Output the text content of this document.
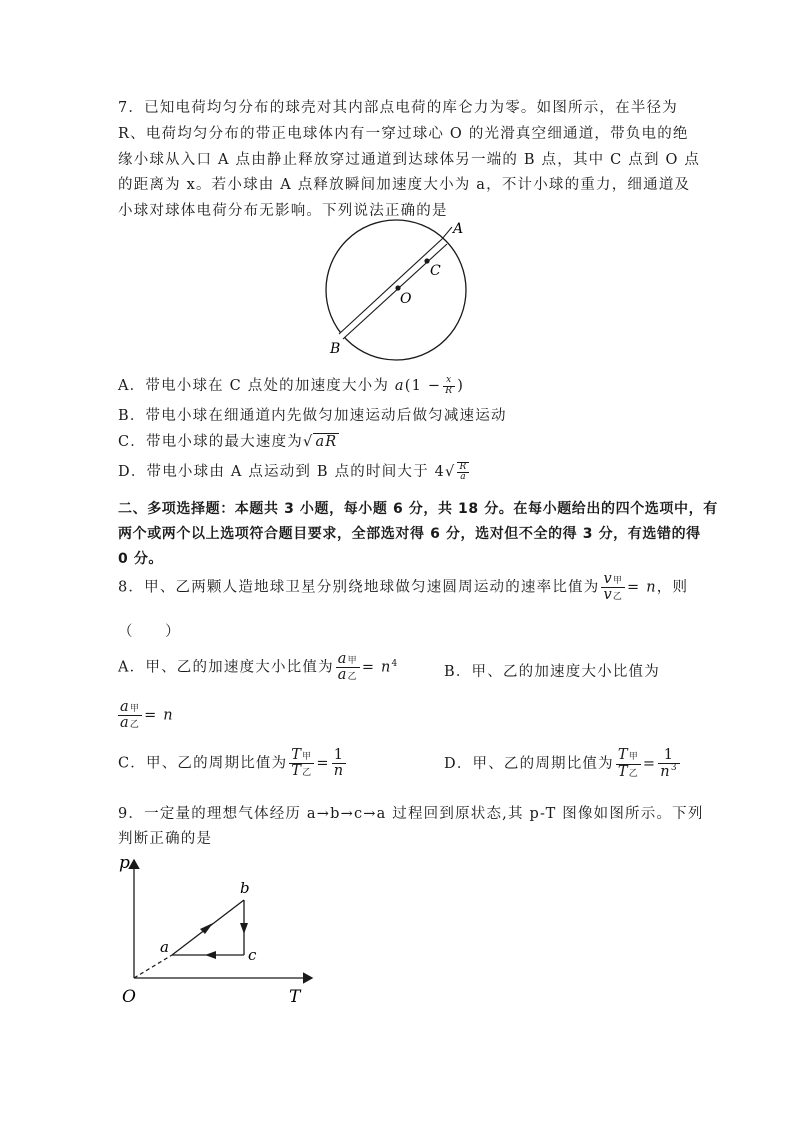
7．已知电荷均匀分布的球壳对其内部点电荷的库仑力为零。如图所示，在半径为
R、电荷均匀分布的带正电球体内有一穿过球心 O 的光滑真空细通道，带负电的绝
缘小球从入口 A 点由静止释放穿过通道到达球体另一端的 B 点，其中 C 点到 O 点
的距离为 x。若小球由 A 点释放瞬间加速度大小为 a，不计小球的重力，细通道及
小球对球体电荷分布无影响。下列说法正确的是
A
C
O
B
A．带电小球在 C 点处的加速度大小为 $a(1 - \frac{x}{R}$ )
B．带电小球在细通道内先做匀加速运动后做匀减速运动
C．带电小球的最大速度为√ aR
D．带电小球由 A 点运动到 B 点的时间大于 $4√ \frac{R}{a}$
二、多项选择题：本题共 3 小题，每小题 6 分，共 18 分。在每小题给出的四个选项中，有
两个或两个以上选项符合题目要求，全部选对得 6 分，选对但不全的得 3 分，有选错的得
0 分。
8．甲、乙两颗人造地球卫星分别绕地球做匀速圆周运动的速率比值为 $\frac{\text{v甲}}{\text{v乙}} = n$，则
（　　）
A．甲、乙的加速度大小比值为 $\frac{\text{a甲}}{\text{a乙}} = n^4$
B．甲、乙的加速度大小比值为
$\frac{\text{a甲}}{\text{a乙}} = n$
C．甲、乙的周期比值为 $\frac{\text{T甲}}{\text{T乙}} = \frac{1}{n}$	D．甲、乙的周期比值为 $\frac{\text{T甲}}{\text{T乙}} = \frac{1}{n^3}$
9．一定量的理想气体经历 a→b→c→a 过程回到原状态,其 p-T 图像如图所示。下列
判断正确的是
p
T
O
a
b
c
